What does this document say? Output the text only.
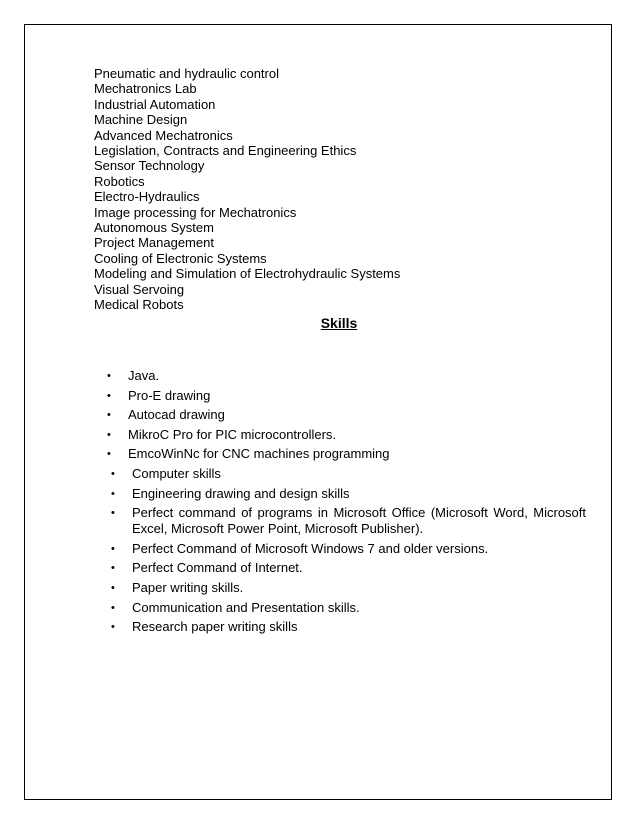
Pneumatic and hydraulic control
Mechatronics Lab
Industrial Automation
Machine Design
Advanced Mechatronics
Legislation, Contracts and Engineering Ethics
Sensor Technology
Robotics
Electro-Hydraulics
Image processing for Mechatronics
Autonomous System
Project Management
Cooling of Electronic Systems
Modeling and Simulation of Electrohydraulic Systems
Visual Servoing
Medical Robots
Skills
• Java.
• Pro-E drawing
• Autocad drawing
• MikroC Pro for PIC microcontrollers.
• EmcoWinNc for CNC machines programming
• Computer skills
• Engineering drawing and design skills
• Perfect command of programs in Microsoft Office (Microsoft Word, Microsoft Excel, Microsoft Power Point, Microsoft Publisher).
• Perfect Command of Microsoft Windows 7 and older versions.
• Perfect Command of Internet.
• Paper writing skills.
• Communication and Presentation skills.
• Research paper writing skills
